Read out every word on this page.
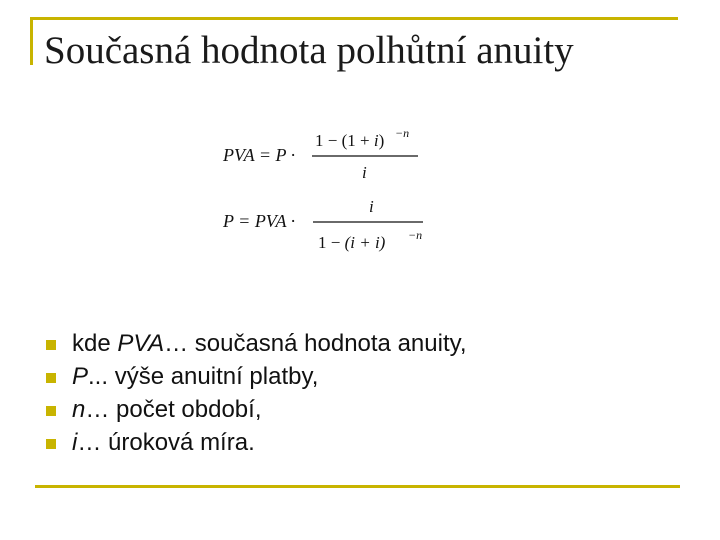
Současná hodnota polhůtní anuity
PVA = P ·
1 − (1 + i) −n
i
P = PVA ·
i
1 − (i + i) −n
kde PVA… současná hodnota anuity,
P... výše anuitní platby,
n… počet období,
i… úroková míra.
